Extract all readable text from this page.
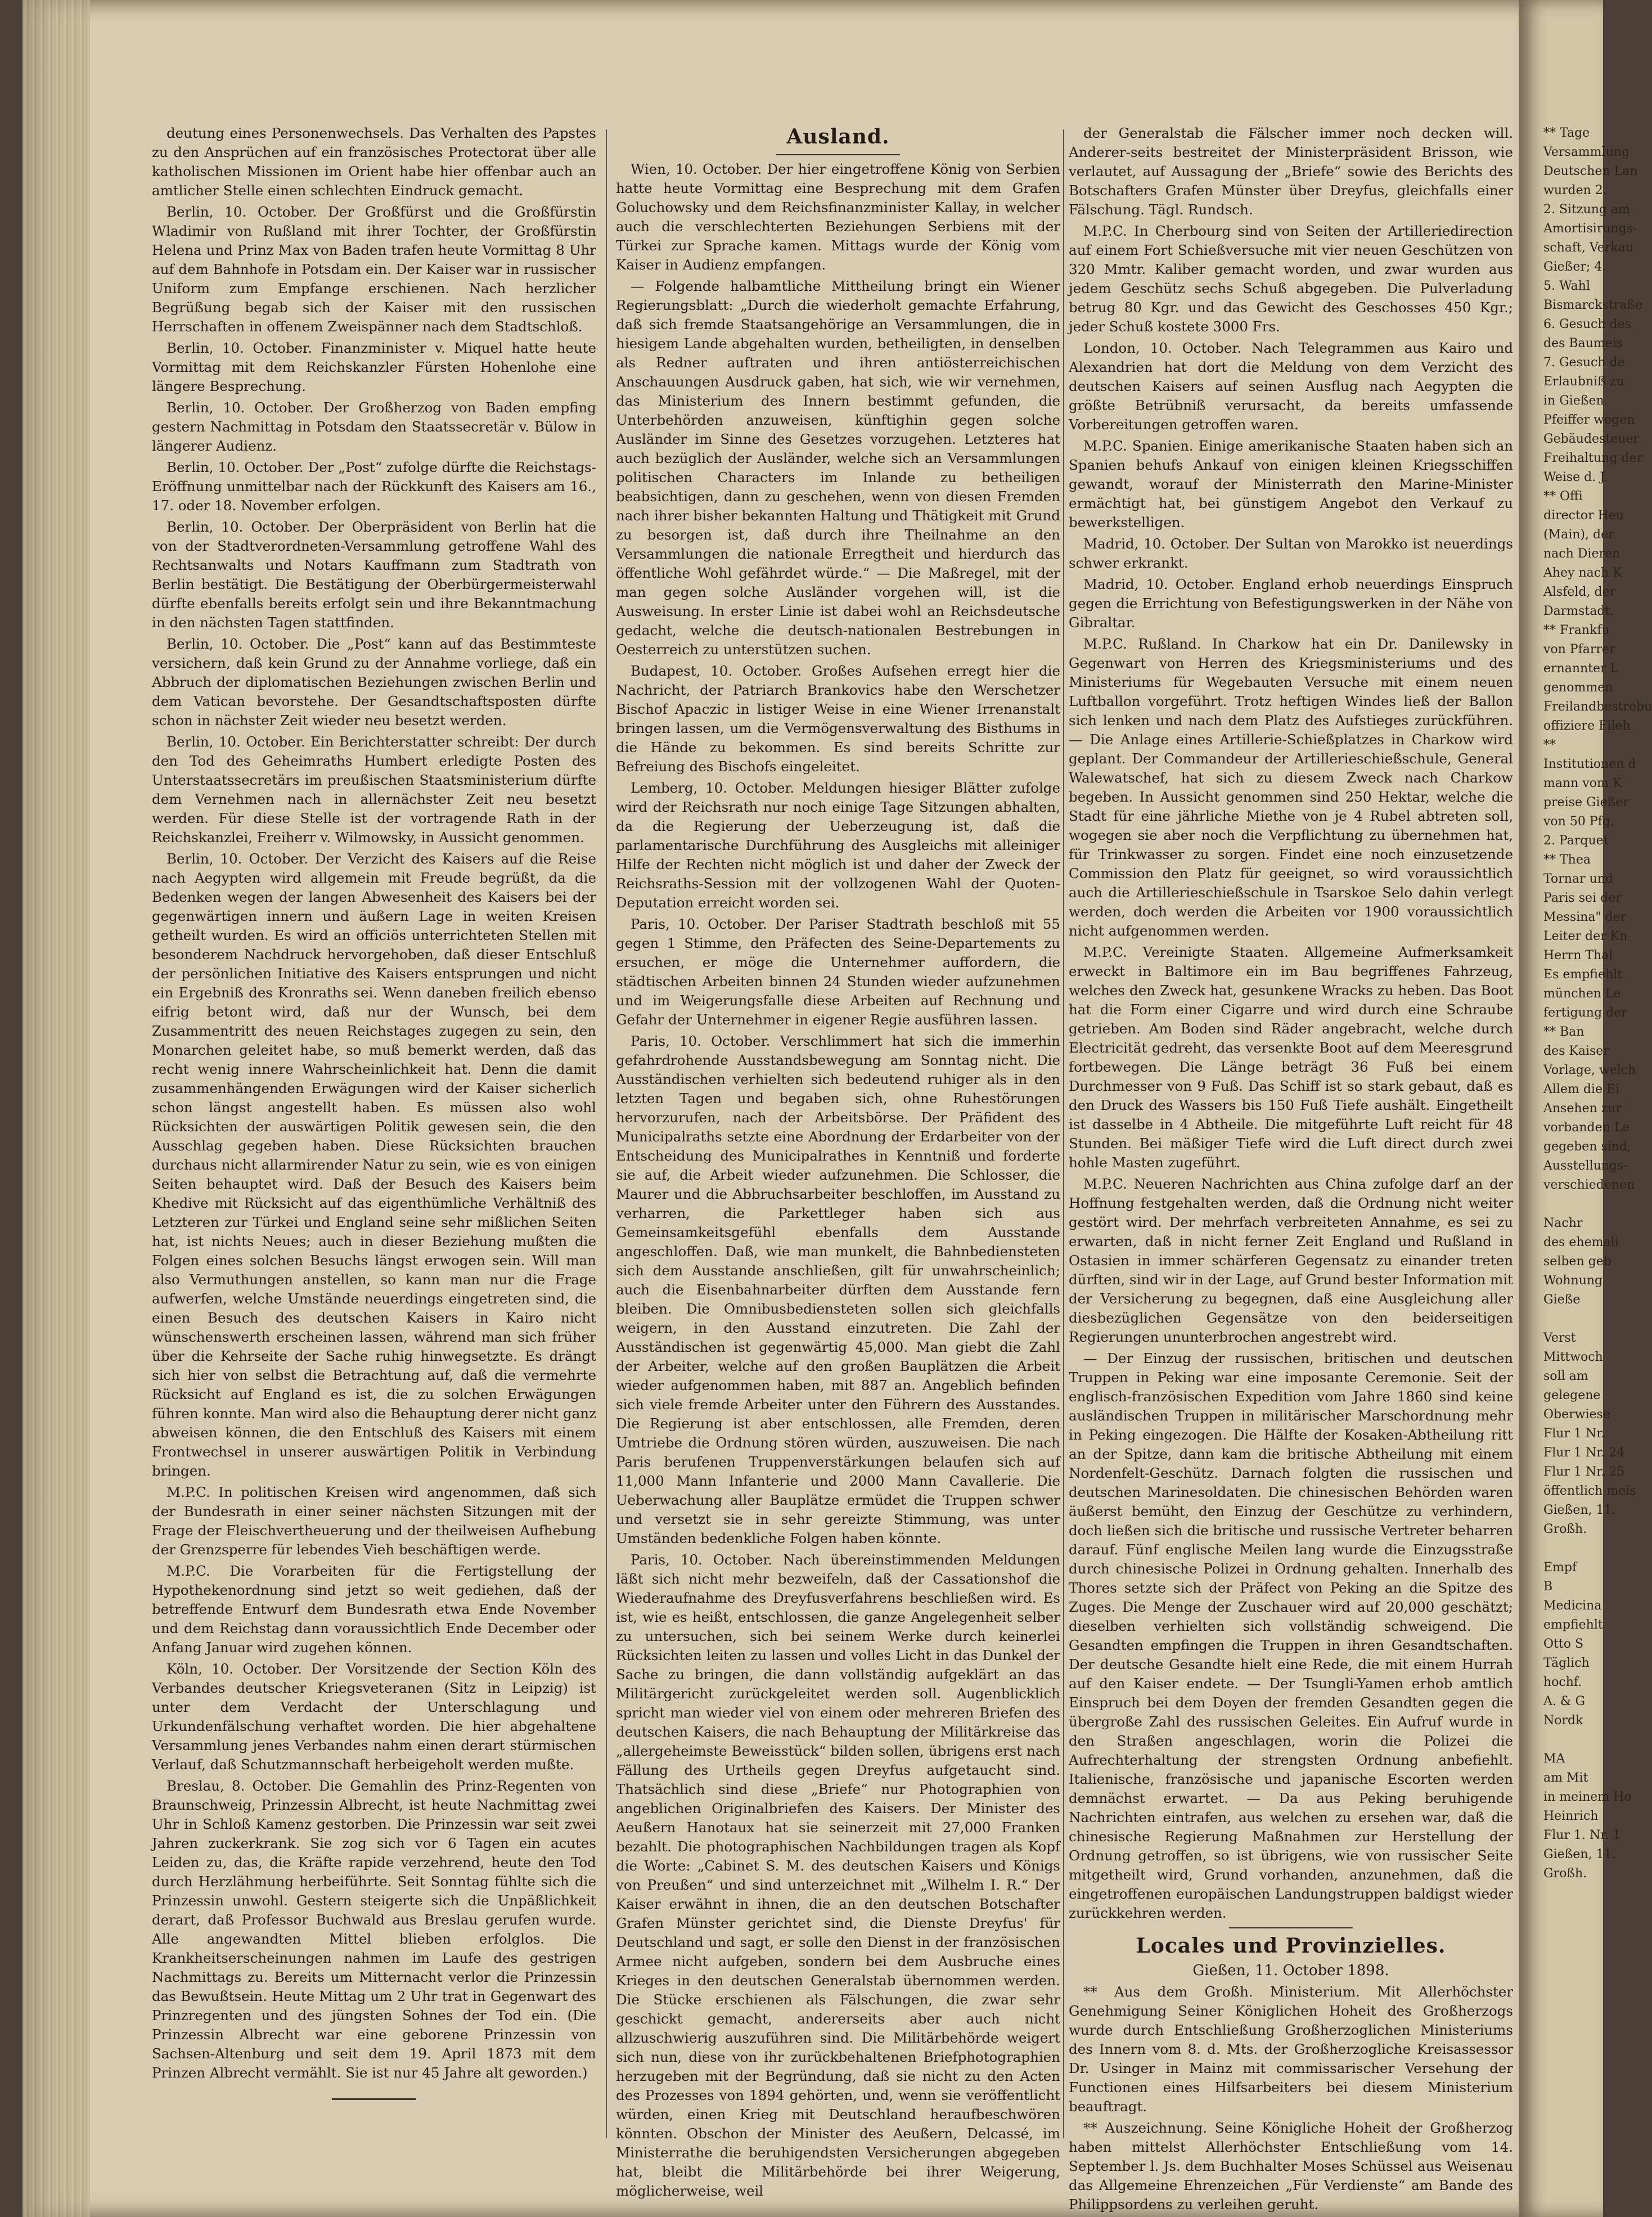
deutung eines Personenwechsels. Das Verhalten des Papstes zu den Ansprüchen auf ein französisches Protectorat über alle katholischen Missionen im Orient habe hier offenbar auch an amtlicher Stelle einen schlechten Eindruck gemacht.

Berlin, 10. October. Der Großfürst und die Großfürstin Wladimir von Rußland mit ihrer Tochter, der Großfürstin Helena und Prinz Max von Baden trafen heute Vormittag 8 Uhr auf dem Bahnhofe in Potsdam ein. Der Kaiser war in russischer Uniform zum Empfange erschienen. Nach herzlicher Begrüßung begab sich der Kaiser mit den russischen Herrschaften in offenem Zweispänner nach dem Stadtschloß.

Berlin, 10. October. Finanzminister v. Miquel hatte heute Vormittag mit dem Reichskanzler Fürsten Hohenlohe eine längere Besprechung.

Berlin, 10. October. Der Großherzog von Baden empfing gestern Nachmittag in Potsdam den Staatssecretär v. Bülow in längerer Audienz.

Berlin, 10. October. Der „Post“ zufolge dürfte die Reichstags-Eröffnung unmittelbar nach der Rückkunft des Kaisers am 16., 17. oder 18. November erfolgen.

Berlin, 10. October. Der Oberpräsident von Berlin hat die von der Stadtverordneten-Versammlung getroffene Wahl des Rechtsanwalts und Notars Kauffmann zum Stadtrath von Berlin bestätigt. Die Bestätigung der Oberbürgermeisterwahl dürfte ebenfalls bereits erfolgt sein und ihre Bekanntmachung in den nächsten Tagen stattfinden.

Berlin, 10. October. Die „Post“ kann auf das Bestimmteste versichern, daß kein Grund zu der Annahme vorliege, daß ein Abbruch der diplomatischen Beziehungen zwischen Berlin und dem Vatican bevorstehe. Der Gesandtschaftsposten dürfte schon in nächster Zeit wieder neu besetzt werden.

Berlin, 10. October. Ein Berichterstatter schreibt: Der durch den Tod des Geheimraths Humbert erledigte Posten des Unterstaatssecretärs im preußischen Staatsministerium dürfte dem Vernehmen nach in allernächster Zeit neu besetzt werden. Für diese Stelle ist der vortragende Rath in der Reichskanzlei, Freiherr v. Wilmowsky, in Aussicht genommen.

Berlin, 10. October. Der Verzicht des Kaisers auf die Reise nach Aegypten wird allgemein mit Freude begrüßt, da die Bedenken wegen der langen Abwesenheit des Kaisers bei der gegenwärtigen innern und äußern Lage in weiten Kreisen getheilt wurden. Es wird an officiös unterrichteten Stellen mit besonderem Nachdruck hervorgehoben, daß dieser Entschluß der persönlichen Initiative des Kaisers entsprungen und nicht ein Ergebniß des Kronraths sei. Wenn daneben freilich ebenso eifrig betont wird, daß nur der Wunsch, bei dem Zusammentritt des neuen Reichstages zugegen zu sein, den Monarchen geleitet habe, so muß bemerkt werden, daß das recht wenig innere Wahrscheinlichkeit hat. Denn die damit zusammenhängenden Erwägungen wird der Kaiser sicherlich schon längst angestellt haben. Es müssen also wohl Rücksichten der auswärtigen Politik gewesen sein, die den Ausschlag gegeben haben. Diese Rücksichten brauchen durchaus nicht allarmirender Natur zu sein, wie es von einigen Seiten behauptet wird. Daß der Besuch des Kaisers beim Khedive mit Rücksicht auf das eigenthümliche Verhältniß des Letzteren zur Türkei und England seine sehr mißlichen Seiten hat, ist nichts Neues; auch in dieser Beziehung mußten die Folgen eines solchen Besuchs längst erwogen sein. Will man also Vermuthungen anstellen, so kann man nur die Frage aufwerfen, welche Umstände neuerdings eingetreten sind, die einen Besuch des deutschen Kaisers in Kairo nicht wünschenswerth erscheinen lassen, während man sich früher über die Kehrseite der Sache ruhig hinwegsetzte. Es drängt sich hier von selbst die Betrachtung auf, daß die vermehrte Rücksicht auf England es ist, die zu solchen Erwägungen führen konnte. Man wird also die Behauptung derer nicht ganz abweisen können, die den Entschluß des Kaisers mit einem Frontwechsel in unserer auswärtigen Politik in Verbindung bringen.

M.P.C. In politischen Kreisen wird angenommen, daß sich der Bundesrath in einer seiner nächsten Sitzungen mit der Frage der Fleischvertheuerung und der theilweisen Aufhebung der Grenzsperre für lebendes Vieh beschäftigen werde.

M.P.C. Die Vorarbeiten für die Fertigstellung der Hypothekenordnung sind jetzt so weit gediehen, daß der betreffende Entwurf dem Bundesrath etwa Ende November und dem Reichstag dann voraussichtlich Ende December oder Anfang Januar wird zugehen können.

Köln, 10. October. Der Vorsitzende der Section Köln des Verbandes deutscher Kriegsveteranen (Sitz in Leipzig) ist unter dem Verdacht der Unterschlagung und Urkundenfälschung verhaftet worden. Die hier abgehaltene Versammlung jenes Verbandes nahm einen derart stürmischen Verlauf, daß Schutzmannschaft herbeigeholt werden mußte.

Breslau, 8. October. Die Gemahlin des Prinz-Regenten von Braunschweig, Prinzessin Albrecht, ist heute Nachmittag zwei Uhr in Schloß Kamenz gestorben. Die Prinzessin war seit zwei Jahren zuckerkrank. Sie zog sich vor 6 Tagen ein acutes Leiden zu, das, die Kräfte rapide verzehrend, heute den Tod durch Herzlähmung herbeiführte. Seit Sonntag fühlte sich die Prinzessin unwohl. Gestern steigerte sich die Unpäßlichkeit derart, daß Professor Buchwald aus Breslau gerufen wurde. Alle angewandten Mittel blieben erfolglos. Die Krankheitserscheinungen nahmen im Laufe des gestrigen Nachmittags zu. Bereits um Mitternacht verlor die Prinzessin das Bewußtsein. Heute Mittag um 2 Uhr trat in Gegenwart des Prinzregenten und des jüngsten Sohnes der Tod ein. (Die Prinzessin Albrecht war eine geborene Prinzessin von Sachsen-Altenburg und seit dem 19. April 1873 mit dem Prinzen Albrecht vermählt. Sie ist nur 45 Jahre alt geworden.)

Ausland.

Wien, 10. October. Der hier eingetroffene König von Serbien hatte heute Vormittag eine Besprechung mit dem Grafen Goluchowsky und dem Reichsfinanzminister Kallay, in welcher auch die verschlechterten Beziehungen Serbiens mit der Türkei zur Sprache kamen. Mittags wurde der König vom Kaiser in Audienz empfangen.

— Folgende halbamtliche Mittheilung bringt ein Wiener Regierungsblatt: „Durch die wiederholt gemachte Erfahrung, daß sich fremde Staatsangehörige an Versammlungen, die in hiesigem Lande abgehalten wurden, betheiligten, in denselben als Redner auftraten und ihren antiösterreichischen Anschauungen Ausdruck gaben, hat sich, wie wir vernehmen, das Ministerium des Innern bestimmt gefunden, die Unterbehörden anzuweisen, künftighin gegen solche Ausländer im Sinne des Gesetzes vorzugehen. Letzteres hat auch bezüglich der Ausländer, welche sich an Versammlungen politischen Characters im Inlande zu betheiligen beabsichtigen, dann zu geschehen, wenn von diesen Fremden nach ihrer bisher bekannten Haltung und Thätigkeit mit Grund zu besorgen ist, daß durch ihre Theilnahme an den Versammlungen die nationale Erregtheit und hierdurch das öffentliche Wohl gefährdet würde.“ — Die Maßregel, mit der man gegen solche Ausländer vorgehen will, ist die Ausweisung. In erster Linie ist dabei wohl an Reichsdeutsche gedacht, welche die deutsch-nationalen Bestrebungen in Oesterreich zu unterstützen suchen.

Budapest, 10. October. Großes Aufsehen erregt hier die Nachricht, der Patriarch Brankovics habe den Werschetzer Bischof Apaczic in listiger Weise in eine Wiener Irrenanstalt bringen lassen, um die Vermögensverwaltung des Bisthums in die Hände zu bekommen. Es sind bereits Schritte zur Befreiung des Bischofs eingeleitet.

Lemberg, 10. October. Meldungen hiesiger Blätter zufolge wird der Reichsrath nur noch einige Tage Sitzungen abhalten, da die Regierung der Ueberzeugung ist, daß die parlamentarische Durchführung des Ausgleichs mit alleiniger Hilfe der Rechten nicht möglich ist und daher der Zweck der Reichsraths-Session mit der vollzogenen Wahl der Quoten-Deputation erreicht worden sei.

Paris, 10. October. Der Pariser Stadtrath beschloß mit 55 gegen 1 Stimme, den Präfecten des Seine-Departements zu ersuchen, er möge die Unternehmer auffordern, die städtischen Arbeiten binnen 24 Stunden wieder aufzunehmen und im Weigerungsfalle diese Arbeiten auf Rechnung und Gefahr der Unternehmer in eigener Regie ausführen lassen.

Paris, 10. October. Verschlimmert hat sich die immerhin gefahrdrohende Ausstandsbewegung am Sonntag nicht. Die Ausständischen verhielten sich bedeutend ruhiger als in den letzten Tagen und begaben sich, ohne Ruhestörungen hervorzurufen, nach der Arbeitsbörse. Der Präfident des Municipalraths setzte eine Abordnung der Erdarbeiter von der Entscheidung des Municipalrathes in Kenntniß und forderte sie auf, die Arbeit wieder aufzunehmen. Die Schlosser, die Maurer und die Abbruchsarbeiter beschloffen, im Ausstand zu verharren, die Parkettleger haben sich aus Gemeinsamkeitsgefühl ebenfalls dem Ausstande angeschloffen. Daß, wie man munkelt, die Bahnbediensteten sich dem Ausstande anschließen, gilt für unwahrscheinlich; auch die Eisenbahnarbeiter dürften dem Ausstande fern bleiben. Die Omnibusbediensteten sollen sich gleichfalls weigern, in den Ausstand einzutreten. Die Zahl der Ausständischen ist gegenwärtig 45,000. Man giebt die Zahl der Arbeiter, welche auf den großen Bauplätzen die Arbeit wieder aufgenommen haben, mit 887 an. Angeblich befinden sich viele fremde Arbeiter unter den Führern des Ausstandes. Die Regierung ist aber entschlossen, alle Fremden, deren Umtriebe die Ordnung stören würden, auszuweisen. Die nach Paris berufenen Truppenverstärkungen belaufen sich auf 11,000 Mann Infanterie und 2000 Mann Cavallerie. Die Ueberwachung aller Bauplätze ermüdet die Truppen schwer und versetzt sie in sehr gereizte Stimmung, was unter Umständen bedenkliche Folgen haben könnte.

Paris, 10. October. Nach übereinstimmenden Meldungen läßt sich nicht mehr bezweifeln, daß der Cassationshof die Wiederaufnahme des Dreyfusverfahrens beschließen wird. Es ist, wie es heißt, entschlossen, die ganze Angelegenheit selber zu untersuchen, sich bei seinem Werke durch keinerlei Rücksichten leiten zu lassen und volles Licht in das Dunkel der Sache zu bringen, die dann vollständig aufgeklärt an das Militärgericht zurückgeleitet werden soll. Augenblicklich spricht man wieder viel von einem oder mehreren Briefen des deutschen Kaisers, die nach Behauptung der Militärkreise das „allergeheimste Beweisstück“ bilden sollen, übrigens erst nach Fällung des Urtheils gegen Dreyfus aufgetaucht sind. Thatsächlich sind diese „Briefe“ nur Photographien von angeblichen Originalbriefen des Kaisers. Der Minister des Aeußern Hanotaux hat sie seinerzeit mit 27,000 Franken bezahlt. Die photographischen Nachbildungen tragen als Kopf die Worte: „Cabinet S. M. des deutschen Kaisers und Königs von Preußen“ und sind unterzeichnet mit „Wilhelm I. R.“ Der Kaiser erwähnt in ihnen, die an den deutschen Botschafter Grafen Münster gerichtet sind, die Dienste Dreyfus' für Deutschland und sagt, er solle den Dienst in der französischen Armee nicht aufgeben, sondern bei dem Ausbruche eines Krieges in den deutschen Generalstab übernommen werden. Die Stücke erschienen als Fälschungen, die zwar sehr geschickt gemacht, andererseits aber auch nicht allzuschwierig auszuführen sind. Die Militärbehörde weigert sich nun, diese von ihr zurückbehaltenen Briefphotographien herzugeben mit der Begründung, daß sie nicht zu den Acten des Prozesses von 1894 gehörten, und, wenn sie veröffentlicht würden, einen Krieg mit Deutschland heraufbeschwören könnten. Obschon der Minister des Aeußern, Delcassé, im Ministerrathe die beruhigendsten Versicherungen abgegeben hat, bleibt die Militärbehörde bei ihrer Weigerung, möglicherweise, weil

der Generalstab die Fälscher immer noch decken will. Anderer-seits bestreitet der Ministerpräsident Brisson, wie verlautet, auf Aussagung der „Briefe“ sowie des Berichts des Botschafters Grafen Münster über Dreyfus, gleichfalls einer Fälschung. Tägl. Rundsch.

M.P.C. In Cherbourg sind von Seiten der Artilleriedirection auf einem Fort Schießversuche mit vier neuen Geschützen von 320 Mmtr. Kaliber gemacht worden, und zwar wurden aus jedem Geschütz sechs Schuß abgegeben. Die Pulverladung betrug 80 Kgr. und das Gewicht des Geschosses 450 Kgr.; jeder Schuß kostete 3000 Frs.

London, 10. October. Nach Telegrammen aus Kairo und Alexandrien hat dort die Meldung von dem Verzicht des deutschen Kaisers auf seinen Ausflug nach Aegypten die größte Betrübniß verursacht, da bereits umfassende Vorbereitungen getroffen waren.

M.P.C. Spanien. Einige amerikanische Staaten haben sich an Spanien behufs Ankauf von einigen kleinen Kriegsschiffen gewandt, worauf der Ministerrath den Marine-Minister ermächtigt hat, bei günstigem Angebot den Verkauf zu bewerkstelligen.

Madrid, 10. October. Der Sultan von Marokko ist neuerdings schwer erkrankt.

Madrid, 10. October. England erhob neuerdings Einspruch gegen die Errichtung von Befestigungswerken in der Nähe von Gibraltar.

M.P.C. Rußland. In Charkow hat ein Dr. Danilewsky in Gegenwart von Herren des Kriegsministeriums und des Ministeriums für Wegebauten Versuche mit einem neuen Luftballon vorgeführt. Trotz heftigen Windes ließ der Ballon sich lenken und nach dem Platz des Aufstieges zurückführen. — Die Anlage eines Artillerie-Schießplatzes in Charkow wird geplant. Der Commandeur der Artillerieschießschule, General Walewatschef, hat sich zu diesem Zweck nach Charkow begeben. In Aussicht genommen sind 250 Hektar, welche die Stadt für eine jährliche Miethe von je 4 Rubel abtreten soll, wogegen sie aber noch die Verpflichtung zu übernehmen hat, für Trinkwasser zu sorgen. Findet eine noch einzusetzende Commission den Platz für geeignet, so wird voraussichtlich auch die Artillerieschießschule in Tsarskoe Selo dahin verlegt werden, doch werden die Arbeiten vor 1900 voraussichtlich nicht aufgenommen werden.

M.P.C. Vereinigte Staaten. Allgemeine Aufmerksamkeit erweckt in Baltimore ein im Bau begriffenes Fahrzeug, welches den Zweck hat, gesunkene Wracks zu heben. Das Boot hat die Form einer Cigarre und wird durch eine Schraube getrieben. Am Boden sind Räder angebracht, welche durch Electricität gedreht, das versenkte Boot auf dem Meeresgrund fortbewegen. Die Länge beträgt 36 Fuß bei einem Durchmesser von 9 Fuß. Das Schiff ist so stark gebaut, daß es den Druck des Wassers bis 150 Fuß Tiefe aushält. Eingetheilt ist dasselbe in 4 Abtheile. Die mitgeführte Luft reicht für 48 Stunden. Bei mäßiger Tiefe wird die Luft direct durch zwei hohle Masten zugeführt.

M.P.C. Neueren Nachrichten aus China zufolge darf an der Hoffnung festgehalten werden, daß die Ordnung nicht weiter gestört wird. Der mehrfach verbreiteten Annahme, es sei zu erwarten, daß in nicht ferner Zeit England und Rußland in Ostasien in immer schärferen Gegensatz zu einander treten dürften, sind wir in der Lage, auf Grund bester Information mit der Versicherung zu begegnen, daß eine Ausgleichung aller diesbezüglichen Gegensätze von den beiderseitigen Regierungen ununterbrochen angestrebt wird.

— Der Einzug der russischen, britischen und deutschen Truppen in Peking war eine imposante Ceremonie. Seit der englisch-französischen Expedition vom Jahre 1860 sind keine ausländischen Truppen in militärischer Marschordnung mehr in Peking eingezogen. Die Hälfte der Kosaken-Abtheilung ritt an der Spitze, dann kam die britische Abtheilung mit einem Nordenfelt-Geschütz. Darnach folgten die russischen und deutschen Marinesoldaten. Die chinesischen Behörden waren äußerst bemüht, den Einzug der Geschütze zu verhindern, doch ließen sich die britische und russische Vertreter beharren darauf. Fünf englische Meilen lang wurde die Einzugsstraße durch chinesische Polizei in Ordnung gehalten. Innerhalb des Thores setzte sich der Präfect von Peking an die Spitze des Zuges. Die Menge der Zuschauer wird auf 20,000 geschätzt; dieselben verhielten sich vollständig schweigend. Die Gesandten empfingen die Truppen in ihren Gesandtschaften. Der deutsche Gesandte hielt eine Rede, die mit einem Hurrah auf den Kaiser endete. — Der Tsungli-Yamen erhob amtlich Einspruch bei dem Doyen der fremden Gesandten gegen die übergroße Zahl des russischen Geleites. Ein Aufruf wurde in den Straßen angeschlagen, worin die Polizei die Aufrechterhaltung der strengsten Ordnung anbefiehlt. Italienische, französische und japanische Escorten werden demnächst erwartet. — Da aus Peking beruhigende Nachrichten eintrafen, aus welchen zu ersehen war, daß die chinesische Regierung Maßnahmen zur Herstellung der Ordnung getroffen, so ist übrigens, wie von russischer Seite mitgetheilt wird, Grund vorhanden, anzunehmen, daß die eingetroffenen europäischen Landungstruppen baldigst wieder zurückkehren werden.

Locales und Provinzielles.

Gießen, 11. October 1898.

** Aus dem Großh. Ministerium. Mit Allerhöchster Genehmigung Seiner Königlichen Hoheit des Großherzogs wurde durch Entschließung Großherzoglichen Ministeriums des Innern vom 8. d. Mts. der Großherzogliche Kreisassessor Dr. Usinger in Mainz mit commissarischer Versehung der Functionen eines Hilfsarbeiters bei diesem Ministerium beauftragt.

** Auszeichnung. Seine Königliche Hoheit der Großherzog haben mittelst Allerhöchster Entschließung vom 14. September l. Js. dem Buchhalter Moses Schüssel aus Weisenau das Allgemeine Ehrenzeichen „Für Verdienste“ am Bande des Philippsordens zu verleihen geruht.

** Tage
Versammlung
Deutschen Lan
wurden 2.
2. Sitzung am
Amortisirungs-
schaft, Verkau
Gießer; 4.
5. Wahl
Bismarckstraße
6. Gesuch des
des Baumeis
7. Gesuch de
Erlaubniß zu
in Gießen.
Pfeiffer wegen
Gebäudesteuer
Freihaltung der
Weise d. J.
** Offi
director Heu
(Main), der
nach Dieren
Ahey nach K
Alsfeld, der
Darmstadt.
** Frankfu
von Pfarrer
ernannter L
genommen
Freilandbestrebu
offiziere Fileh
**
Institutionen d
mann vom K
preise Gießer
von 50 Pfg.
2. Parquet
** Thea
Tornar und
Paris sei der
Messina" der
Leiter der Kn
Herrn Thal
Es empfiehlt
münchen Le
fertigung der
** Ban
des Kaiser
Vorlage, welch
Allem die Ei
Ansehen zur
vorbanden Le
gegeben sind,
Ausstellungs-
verschiedenen

Nachr
des ehemali
selben geb
Wohnung
Gieße

Verst
Mittwoch
soll am
gelegene
Oberwiese
Flur 1 Nr.
Flur 1 Nr. 24
Flur 1 Nr. 25
öffentlich meis
Gießen, 11.
Großh.

Empf
B
Medicina
empfiehlt
Otto S
Täglich
hochf.
A. & G
Nordk

MA
am Mit
in meinem Ho
Heinrich
Flur 1. Nr. 1
Gießen, 11.
Großh.
